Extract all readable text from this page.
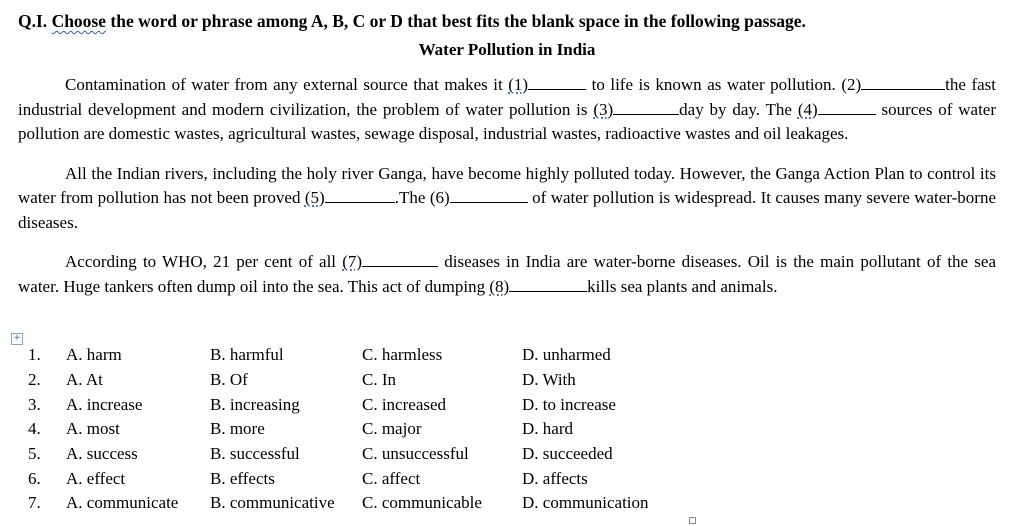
Q.I. Choose the word or phrase among A, B, C or D that best fits the blank space in the following passage.
Water Pollution in India

Contamination of water from any external source that makes it (1)	to life is known as water pollution. (2)	the fast industrial development and modern civilization, the problem of water pollution is (3)	day by day. The (4)	sources of water pollution are domestic wastes, agricultural wastes, sewage disposal, industrial wastes, radioactive wastes and oil leakages.

All the Indian rivers, including the holy river Ganga, have become highly polluted today. However, the Ganga Action Plan to control its water from pollution has not been proved (5)	.The (6)	of water pollution is widespread. It causes many severe water-borne diseases.

According to WHO, 21 per cent of all (7)	diseases in India are water-borne diseases. Oil is the main pollutant of the sea water. Huge tankers often dump oil into the sea. This act of dumping (8)	kills sea plants and animals.

+
1.	A. harm	B. harmful	C. harmless	D. unharmed
2.	A. At	B. Of	C. In	D. With
3.	A. increase	B. increasing	C. increased	D. to increase
4.	A. most	B. more	C. major	D. hard
5.	A. success	B. successful	C. unsuccessful	D. succeeded
6.	A. effect	B. effects	C. affect	D. affects
7.	A. communicate	B. communicative	C. communicable	D. communication
